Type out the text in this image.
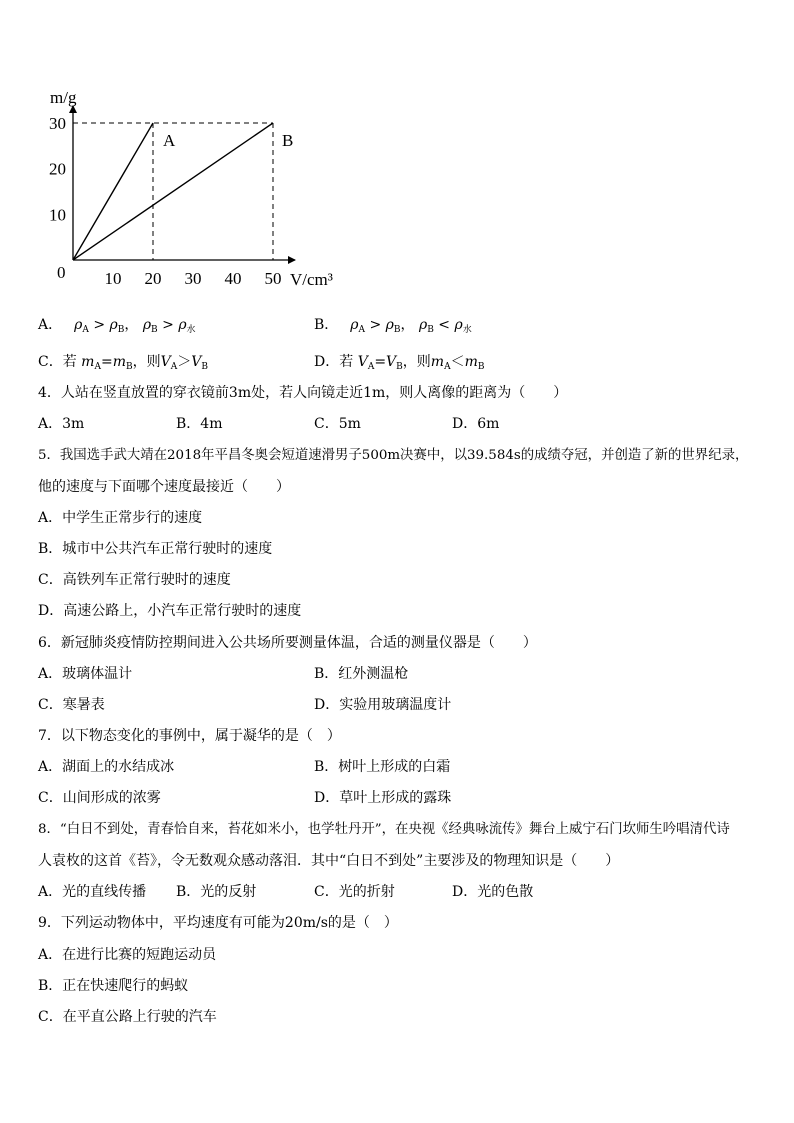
10 20 30 40 50
10
20
30
A	B
m/g
V/cm³
0
A． $\rho_A > \rho_B$， $\rho_B > \rho_水$	B． $\rho_A > \rho_B$， $\rho_B < \rho_水$
C．若 $m_A=m_B$，则$V_A>V_B$	D．若 $V_A=V_B$，则$m_A<m_B$
4．人站在竖直放置的穿衣镜前3m处，若人向镜走近1m，则人离像的距离为（　　）
A．3m	B．4m	C．5m	D．6m
5．我国选手武大靖在2018年平昌冬奥会短道速滑男子500m决赛中，以39.584s的成绩夺冠，并创造了新的世界纪录，
他的速度与下面哪个速度最接近（　　）
A．中学生正常步行的速度
B．城市中公共汽车正常行驶时的速度
C．高铁列车正常行驶时的速度
D．高速公路上，小汽车正常行驶时的速度
6．新冠肺炎疫情防控期间进入公共场所要测量体温，合适的测量仪器是（　　）
A．玻璃体温计	B．红外测温枪
C．寒暑表	D．实验用玻璃温度计
7．以下物态变化的事例中，属于凝华的是（　）
A．湖面上的水结成冰	B．树叶上形成的白霜
C．山间形成的浓雾	D．草叶上形成的露珠
8．“白日不到处，青春恰自来，苔花如米小，也学牡丹开”，在央视《经典咏流传》舞台上威宁石门坎师生吟唱清代诗
人袁枚的这首《苔》，令无数观众感动落泪．其中“白日不到处”主要涉及的物理知识是（　　）
A．光的直线传播 B．光的反射	C．光的折射	D．光的色散
9．下列运动物体中，平均速度有可能为20m/s的是（　）
A．在进行比赛的短跑运动员
B．正在快速爬行的蚂蚁
C．在平直公路上行驶的汽车
